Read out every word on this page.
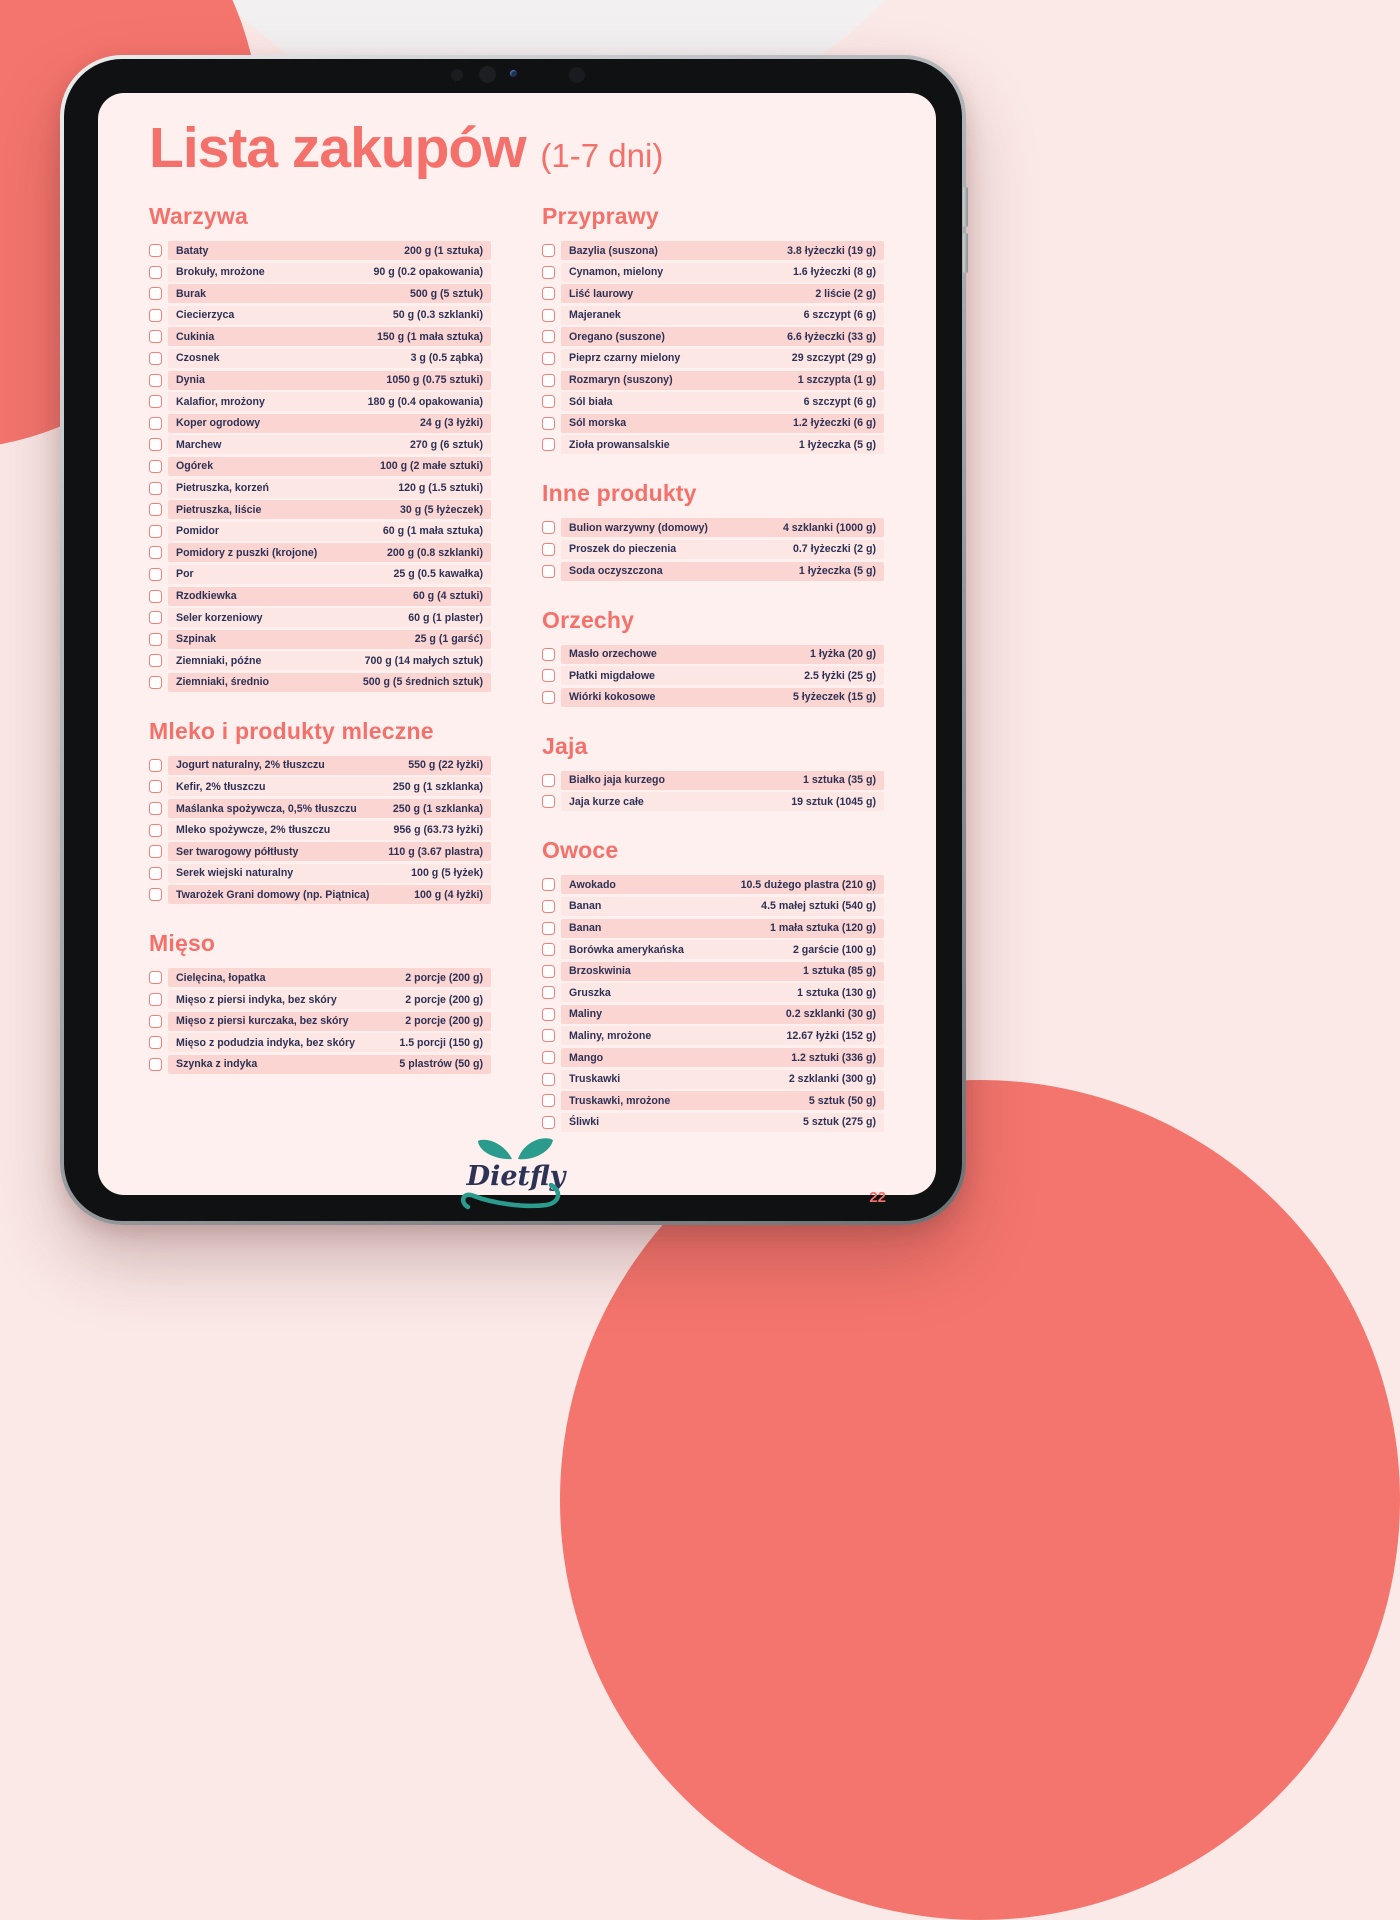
Lista zakupów (1-7 dni)
Warzywa
Bataty	200 g (1 sztuka)
Brokuły, mrożone	90 g (0.2 opakowania)
Burak	500 g (5 sztuk)
Ciecierzyca	50 g (0.3 szklanki)
Cukinia	150 g (1 mała sztuka)
Czosnek	3 g (0.5 ząbka)
Dynia	1050 g (0.75 sztuki)
Kalafior, mrożony	180 g (0.4 opakowania)
Koper ogrodowy	24 g (3 łyżki)
Marchew	270 g (6 sztuk)
Ogórek	100 g (2 małe sztuki)
Pietruszka, korzeń	120 g (1.5 sztuki)
Pietruszka, liście	30 g (5 łyżeczek)
Pomidor	60 g (1 mała sztuka)
Pomidory z puszki (krojone)	200 g (0.8 szklanki)
Por	25 g (0.5 kawałka)
Rzodkiewka	60 g (4 sztuki)
Seler korzeniowy	60 g (1 plaster)
Szpinak	25 g (1 garść)
Ziemniaki, późne	700 g (14 małych sztuk)
Ziemniaki, średnio	500 g (5 średnich sztuk)
Mleko i produkty mleczne
Jogurt naturalny, 2% tłuszczu	550 g (22 łyżki)
Kefir, 2% tłuszczu	250 g (1 szklanka)
Maślanka spożywcza, 0,5% tłuszczu	250 g (1 szklanka)
Mleko spożywcze, 2% tłuszczu	956 g (63.73 łyżki)
Ser twarogowy półtłusty	110 g (3.67 plastra)
Serek wiejski naturalny	100 g (5 łyżek)
Twarożek Grani domowy (np. Piątnica)	100 g (4 łyżki)
Mięso
Cielęcina, łopatka	2 porcje (200 g)
Mięso z piersi indyka, bez skóry	2 porcje (200 g)
Mięso z piersi kurczaka, bez skóry	2 porcje (200 g)
Mięso z podudzia indyka, bez skóry	1.5 porcji (150 g)
Szynka z indyka	5 plastrów (50 g)
Przyprawy
Bazylia (suszona)	3.8 łyżeczki (19 g)
Cynamon, mielony	1.6 łyżeczki (8 g)
Liść laurowy	2 liście (2 g)
Majeranek	6 szczypt (6 g)
Oregano (suszone)	6.6 łyżeczki (33 g)
Pieprz czarny mielony	29 szczypt (29 g)
Rozmaryn (suszony)	1 szczypta (1 g)
Sól biała	6 szczypt (6 g)
Sól morska	1.2 łyżeczki (6 g)
Zioła prowansalskie	1 łyżeczka (5 g)
Inne produkty
Bulion warzywny (domowy)	4 szklanki (1000 g)
Proszek do pieczenia	0.7 łyżeczki (2 g)
Soda oczyszczona	1 łyżeczka (5 g)
Orzechy
Masło orzechowe	1 łyżka (20 g)
Płatki migdałowe	2.5 łyżki (25 g)
Wiórki kokosowe	5 łyżeczek (15 g)
Jaja
Białko jaja kurzego	1 sztuka (35 g)
Jaja kurze całe	19 sztuk (1045 g)
Owoce
Awokado	10.5 dużego plastra (210 g)
Banan	4.5 małej sztuki (540 g)
Banan	1 mała sztuka (120 g)
Borówka amerykańska	2 garście (100 g)
Brzoskwinia	1 sztuka (85 g)
Gruszka	1 sztuka (130 g)
Maliny	0.2 szklanki (30 g)
Maliny, mrożone	12.67 łyżki (152 g)
Mango	1.2 sztuki (336 g)
Truskawki	2 szklanki (300 g)
Truskawki, mrożone	5 sztuk (50 g)
Śliwki	5 sztuk (275 g)
Dietfly
22
